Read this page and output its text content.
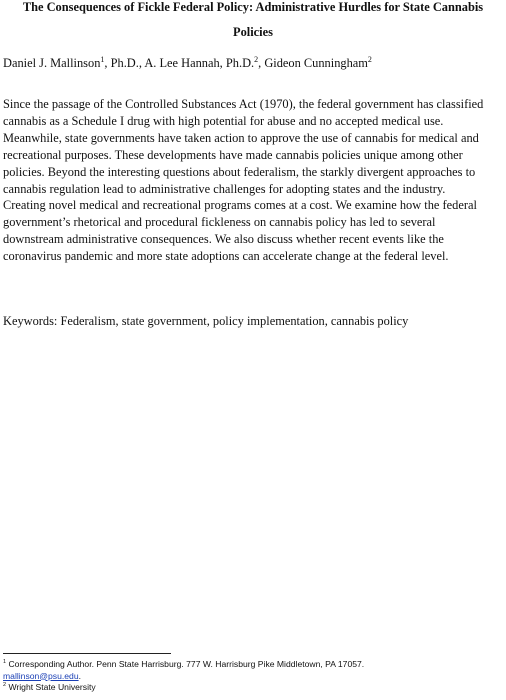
The Consequences of Fickle Federal Policy: Administrative Hurdles for State Cannabis
Policies
Daniel J. Mallinson$^1$, Ph.D., A. Lee Hannah, Ph.D.$^2$, Gideon Cunningham$^2$
Since the passage of the Controlled Substances Act (1970), the federal government has classified
cannabis as a Schedule I drug with high potential for abuse and no accepted medical use.
Meanwhile, state governments have taken action to approve the use of cannabis for medical and
recreational purposes. These developments have made cannabis policies unique among other
policies. Beyond the interesting questions about federalism, the starkly divergent approaches to
cannabis regulation lead to administrative challenges for adopting states and the industry.
Creating novel medical and recreational programs comes at a cost. We examine how the federal
government’s rhetorical and procedural fickleness on cannabis policy has led to several
downstream administrative consequences. We also discuss whether recent events like the
coronavirus pandemic and more state adoptions can accelerate change at the federal level.
Keywords: Federalism, state government, policy implementation, cannabis policy
$^1$ Corresponding Author. Penn State Harrisburg. 777 W. Harrisburg Pike Middletown, PA 17057.
mallinson@psu.edu.
$^2$ Wright State University
